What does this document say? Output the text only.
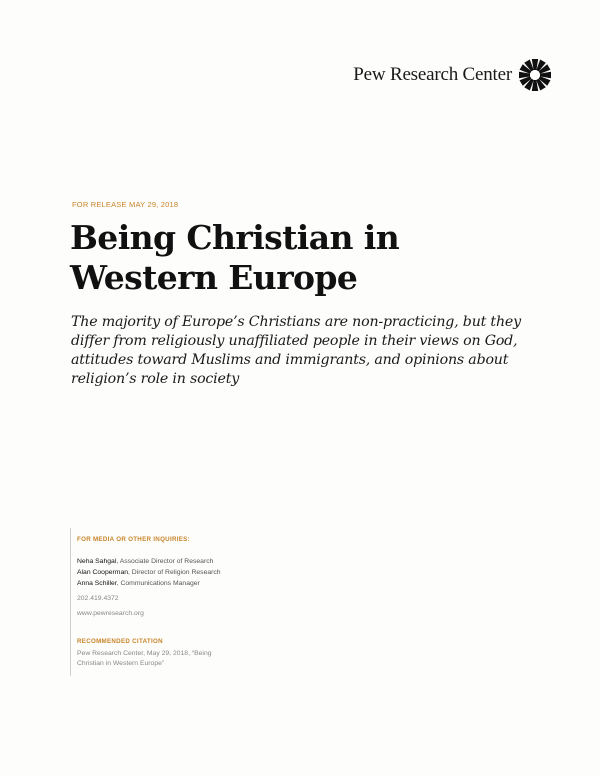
Pew Research Center
FOR RELEASE MAY 29, 2018
Being Christian in
Western Europe

The majority of Europe’s Christians are non-practicing, but they
differ from religiously unaffiliated people in their views on God,
attitudes toward Muslims and immigrants, and opinions about
religion’s role in society

FOR MEDIA OR OTHER INQUIRIES:
Neha Sahgal, Associate Director of Research
Alan Cooperman, Director of Religion Research
Anna Schiller, Communications Manager
202.419.4372
www.pewresearch.org
RECOMMENDED CITATION
Pew Research Center, May 29, 2018, “Being
Christian in Western Europe”
